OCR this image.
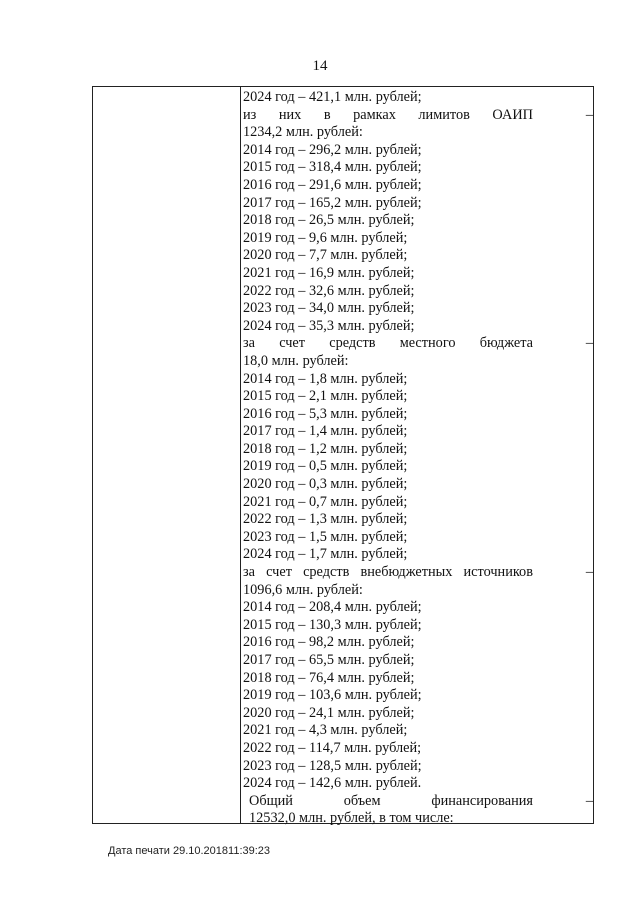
14
2024 год – 421,1 млн. рублей;
из них в рамках лимитов ОАИП	–
1234,2 млн. рублей:
2014 год – 296,2 млн. рублей;
2015 год – 318,4 млн. рублей;
2016 год – 291,6 млн. рублей;
2017 год – 165,2 млн. рублей;
2018 год – 26,5 млн. рублей;
2019 год – 9,6 млн. рублей;
2020 год – 7,7 млн. рублей;
2021 год – 16,9 млн. рублей;
2022 год – 32,6 млн. рублей;
2023 год – 34,0 млн. рублей;
2024 год – 35,3 млн. рублей;
за счет средств местного бюджета	–
18,0 млн. рублей:
2014 год – 1,8 млн. рублей;
2015 год – 2,1 млн. рублей;
2016 год – 5,3 млн. рублей;
2017 год – 1,4 млн. рублей;
2018 год – 1,2 млн. рублей;
2019 год – 0,5 млн. рублей;
2020 год – 0,3 млн. рублей;
2021 год – 0,7 млн. рублей;
2022 год – 1,3 млн. рублей;
2023 год – 1,5 млн. рублей;
2024 год – 1,7 млн. рублей;
за счет средств внебюджетных источников	–
1096,6 млн. рублей:
2014 год – 208,4 млн. рублей;
2015 год – 130,3 млн. рублей;
2016 год – 98,2 млн. рублей;
2017 год – 65,5 млн. рублей;
2018 год – 76,4 млн. рублей;
2019 год – 103,6 млн. рублей;
2020 год – 24,1 млн. рублей;
2021 год – 4,3 млн. рублей;
2022 год – 114,7 млн. рублей;
2023 год – 128,5 млн. рублей;
2024 год – 142,6 млн. рублей.
Общий	объем	финансирования	–
12532,0 млн. рублей, в том числе:
Дата печати 29.10.201811:39:23
